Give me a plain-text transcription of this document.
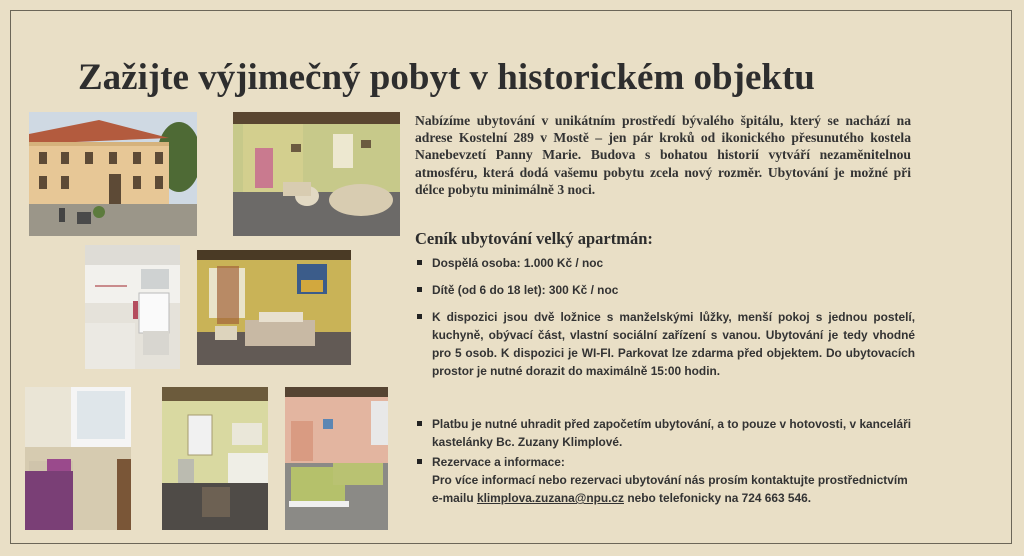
Zažijte výjimečný pobyt v historickém objektu
Nabízíme ubytování v unikátním prostředí bývalého špitálu, který se nachází na adrese Kostelní 289 v Mostě – jen pár kroků od ikonického přesunutého kostela Nanebevzetí Panny Marie. Budova s bohatou historií vytváří nezaměnitelnou atmosféru, která dodá vašemu pobytu zcela nový rozměr. Ubytování je možné při délce pobytu minimálně 3 noci.
Ceník ubytování velký apartmán:
Dospělá osoba: 1.000 Kč / noc
Dítě (od 6 do 18 let): 300 Kč / noc
K dispozici jsou dvě ložnice s manželskými lůžky, menší pokoj s jednou postelí, kuchyně, obývací část, vlastní sociální zařízení s vanou. Ubytování je tedy vhodné pro 5 osob. K dispozici je WI-FI. Parkovat lze zdarma před objektem. Do ubytovacích prostor je nutné dorazit do maximálně 15:00 hodin.
Platbu je nutné uhradit před započetím ubytování, a to pouze v hotovosti, v kanceláři kastelánky Bc. Zuzany Klimplové.
Rezervace a informace:
Pro více informací nebo rezervaci ubytování nás prosím kontaktujte prostřednictvím e-mailu klimplova.zuzana@npu.cz nebo telefonicky na 724 663 546.
